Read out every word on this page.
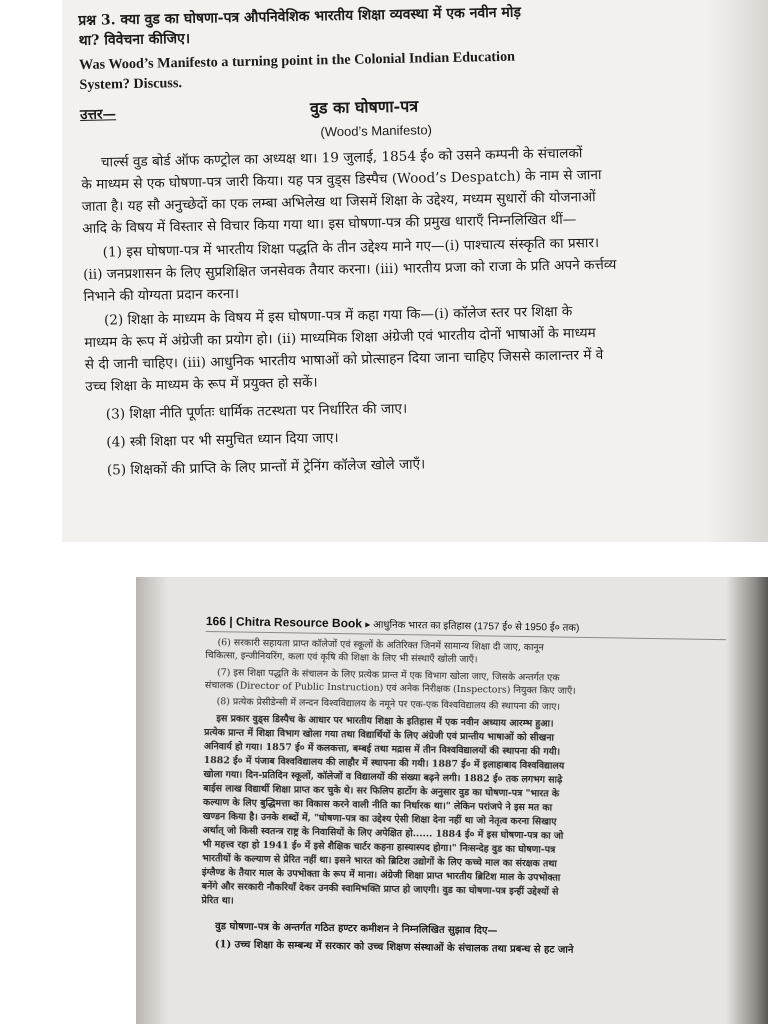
प्रश्न 3. क्या वुड का घोषणा-पत्र औपनिवेशिक भारतीय शिक्षा व्यवस्था में एक नवीन मोड़
था? विवेचना कीजिए।
Was Wood’s Manifesto a turning point in the Colonial Indian Education
System? Discuss.
उत्तर—	वुड का घोषणा-पत्र
(Wood’s Manifesto)
चार्ल्स वुड बोर्ड ऑफ कण्ट्रोल का अध्यक्ष था। 19 जुलाई, 1854 ई० को उसने कम्पनी के संचालकों
के माध्यम से एक घोषणा-पत्र जारी किया। यह पत्र वुड्स डिस्पैच (Wood’s Despatch) के नाम से जाना
जाता है। यह सौ अनुच्छेदों का एक लम्बा अभिलेख था जिसमें शिक्षा के उद्देश्य, मध्यम सुधारों की योजनाओं
आदि के विषय में विस्तार से विचार किया गया था। इस घोषणा-पत्र की प्रमुख धाराएँ निम्नलिखित थीं—
(1) इस घोषणा-पत्र में भारतीय शिक्षा पद्धति के तीन उद्देश्य माने गए—(i) पाश्चात्य संस्कृति का प्रसार।
(ii) जनप्रशासन के लिए सुप्रशिक्षित जनसेवक तैयार करना। (iii) भारतीय प्रजा को राजा के प्रति अपने कर्त्तव्य
निभाने की योग्यता प्रदान करना।
(2) शिक्षा के माध्यम के विषय में इस घोषणा-पत्र में कहा गया कि—(i) कॉलेज स्तर पर शिक्षा के
माध्यम के रूप में अंग्रेजी का प्रयोग हो। (ii) माध्यमिक शिक्षा अंग्रेजी एवं भारतीय दोनों भाषाओं के माध्यम
से दी जानी चाहिए। (iii) आधुनिक भारतीय भाषाओं को प्रोत्साहन दिया जाना चाहिए जिससे कालान्तर में वे
उच्च शिक्षा के माध्यम के रूप में प्रयुक्त हो सकें।
(3) शिक्षा नीति पूर्णतः धार्मिक तटस्थता पर निर्धारित की जाए।
(4) स्त्री शिक्षा पर भी समुचित ध्यान दिया जाए।
(5) शिक्षकों की प्राप्ति के लिए प्रान्तों में ट्रेनिंग कॉलेज खोले जाएँ।
166 | Chitra Resource Book ▸ आधुनिक भारत का इतिहास (1757 ई० से 1950 ई० तक)
(6) सरकारी सहायता प्राप्त कॉलेजों एवं स्कूलों के अतिरिक्त जिनमें सामान्य शिक्षा दी जाए, कानून
चिकित्सा, इन्जीनियरिंग, कला एवं कृषि की शिक्षा के लिए भी संस्थाएँ खोली जाएँ।
(7) इस शिक्षा पद्धति के संचालन के लिए प्रत्येक प्रान्त में एक विभाग खोला जाए, जिसके अन्तर्गत एक
संचालक (Director of Public Instruction) एवं अनेक निरीक्षक (Inspectors) नियुक्त किए जाएँ।
(8) प्रत्येक प्रेसीडेन्सी में लन्दन विश्वविद्यालय के नमूने पर एक-एक विश्वविद्यालय की स्थापना की जाए।
इस प्रकार वुड्स डिस्पैच के आधार पर भारतीय शिक्षा के इतिहास में एक नवीन अध्याय आरम्भ हुआ।
प्रत्येक प्रान्त में शिक्षा विभाग खोला गया तथा विद्यार्थियों के लिए अंग्रेजी एवं प्रान्तीय भाषाओं को सीखना
अनिवार्य हो गया। 1857 ई० में कलकत्ता, बम्बई तथा मद्रास में तीन विश्वविद्यालयों की स्थापना की गयी।
1882 ई० में पंजाब विश्वविद्यालय की लाहौर में स्थापना की गयी। 1887 ई० में इलाहाबाद विश्वविद्यालय
खोला गया। दिन-प्रतिदिन स्कूलों, कॉलेजों व विद्यालयों की संख्या बढ़ने लगी। 1882 ई० तक लगभग साढ़े
बाईस लाख विद्यार्थी शिक्षा प्राप्त कर चुके थे। सर फिलिप हार्टोग के अनुसार वुड का घोषणा-पत्र "भारत के
कल्याण के लिए बुद्धिमत्ता का विकास करने वाली नीति का निर्धारक था।" लेकिन परांजपे ने इस मत का
खण्डन किया है। उनके शब्दों में, "घोषणा-पत्र का उद्देश्य ऐसी शिक्षा देना नहीं था जो नेतृत्व करना सिखाए
अर्थात् जो किसी स्वतन्त्र राष्ट्र के निवासियों के लिए अपेक्षित हो...... 1884 ई० में इस घोषणा-पत्र का जो
भी महत्त्व रहा हो 1941 ई० में इसे शैक्षिक चार्टर कहना हास्यास्पद होगा।" निःसन्देह वुड का घोषणा-पत्र
भारतीयों के कल्याण से प्रेरित नहीं था। इसने भारत को ब्रिटिश उद्योगों के लिए कच्चे माल का संरक्षक तथा
इंग्लैण्ड के तैयार माल के उपभोक्ता के रूप में माना। अंग्रेजी शिक्षा प्राप्त भारतीय ब्रिटिश माल के उपभोक्ता
बनेंगे और सरकारी नौकरियाँ देकर उनकी स्वामिभक्ति प्राप्त हो जाएगी। वुड का घोषणा-पत्र इन्हीं उद्देश्यों से
प्रेरित था।
वुड घोषणा-पत्र के अन्तर्गत गठित हण्टर कमीशन ने निम्नलिखित सुझाव दिए—
(1) उच्च शिक्षा के सम्बन्ध में सरकार को उच्च शिक्षण संस्थाओं के संचालक तथा प्रबन्ध से हट जाने
